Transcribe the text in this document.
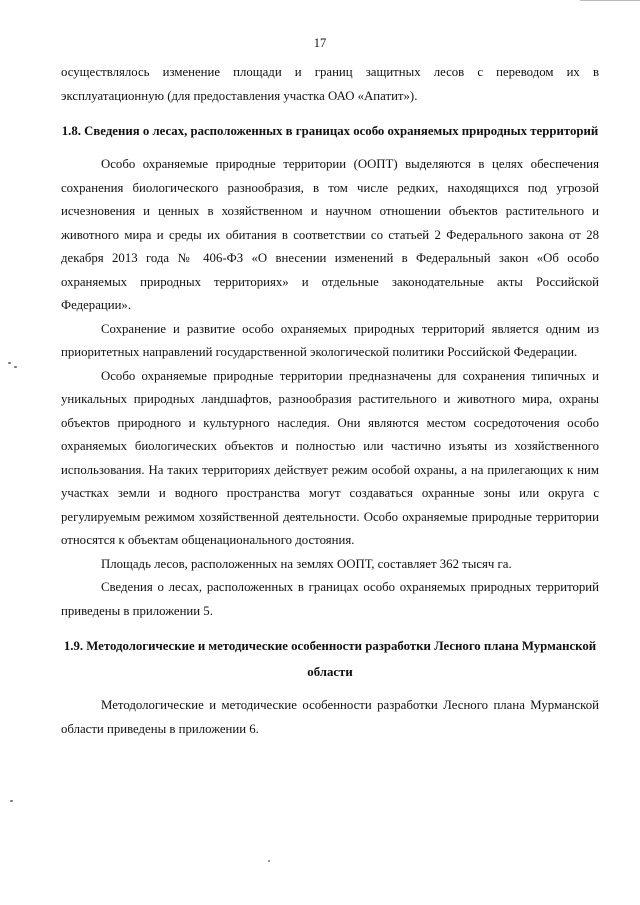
17

осуществлялось изменение площади и границ защитных лесов с переводом их в эксплуатационную (для предоставления участка ОАО «Апатит»).

1.8. Сведения о лесах, расположенных в границах особо охраняемых природных территорий

Особо охраняемые природные территории (ООПТ) выделяются в целях обеспечения сохранения биологического разнообразия, в том числе редких, находящихся под угрозой исчезновения и ценных в хозяйственном и научном отношении объектов растительного и животного мира и среды их обитания в соответствии со статьей 2 Федерального закона от 28 декабря 2013 года № 406-ФЗ «О внесении изменений в Федеральный закон «Об особо охраняемых природных территориях» и отдельные законодательные акты Российской Федерации».

Сохранение и развитие особо охраняемых природных территорий является одним из приоритетных направлений государственной экологической политики Российской Федерации.

Особо охраняемые природные территории предназначены для сохранения типичных и уникальных природных ландшафтов, разнообразия растительного и животного мира, охраны объектов природного и культурного наследия. Они являются местом сосредоточения особо охраняемых биологических объектов и полностью или частично изъяты из хозяйственного использования. На таких территориях действует режим особой охраны, а на прилегающих к ним участках земли и водного пространства могут создаваться охранные зоны или округа с регулируемым режимом хозяйственной деятельности. Особо охраняемые природные территории относятся к объектам общенационального достояния.

Площадь лесов, расположенных на землях ООПТ, составляет 362 тысяч га.

Сведения о лесах, расположенных в границах особо охраняемых природных территорий приведены в приложении 5.

1.9. Методологические и методические особенности разработки Лесного плана Мурманской области

Методологические и методические особенности разработки Лесного плана Мурманской области приведены в приложении 6.
